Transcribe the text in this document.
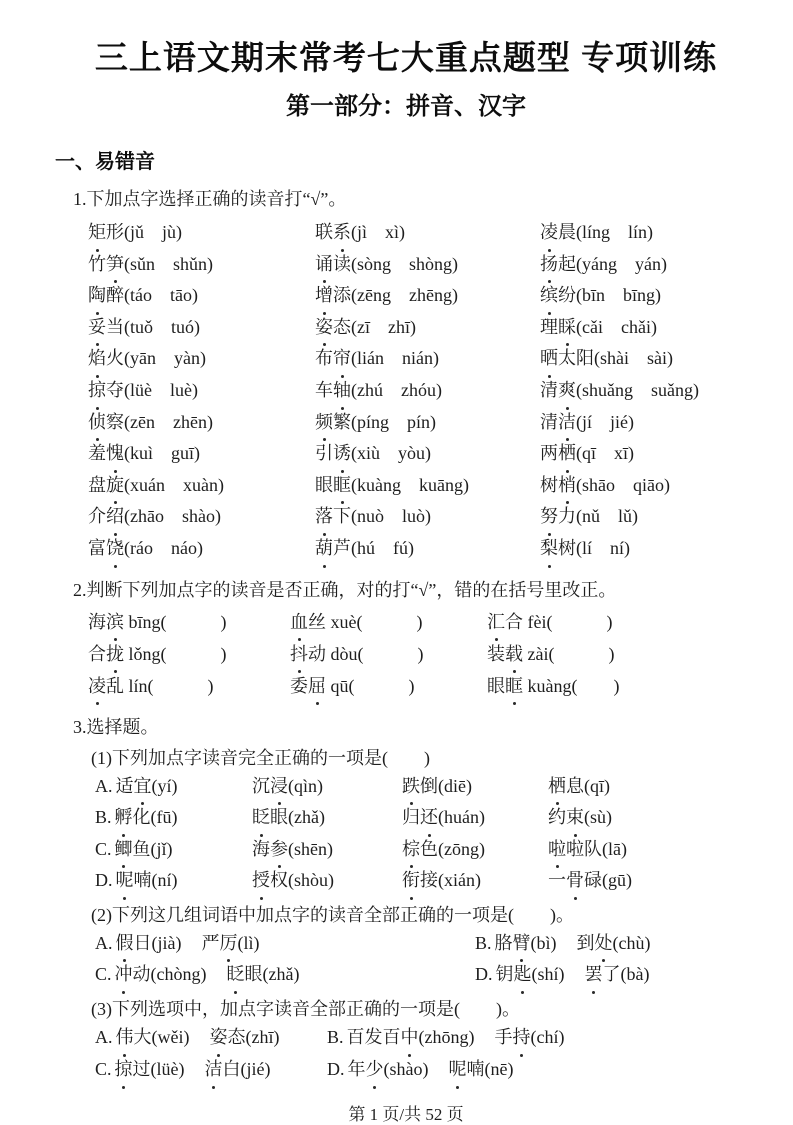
三上语文期末常考七大重点题型 专项训练
第一部分：拼音、汉字
一、易错音
1.下加点字选择正确的读音打“√”。
矩形(jǔ　jù)	联系(jì　xì)	凌晨(líng　lín)
竹笋(sǔn　shǔn)	诵读(sòng　shòng)	扬起(yáng　yán)
陶醉(táo　tāo)	增添(zēng　zhēng)	缤纷(bīn　bīng)
妥当(tuǒ　tuó)	姿态(zī　zhī)	理睬(cǎi　chǎi)
焰火(yān　yàn)	布帘(lián　nián)	晒太阳(shài　sài)
掠夺(lüè　luè)	车轴(zhú　zhóu)	清爽(shuǎng　suǎng)
侦察(zēn　zhēn)	频繁(píng　pín)	清洁(jí　jié)
羞愧(kuì　guī)	引诱(xiù　yòu)	两栖(qī　xī)
盘旋(xuán　xuàn)	眼眶(kuàng　kuāng)	树梢(shāo　qiāo)
介绍(zhāo　shào)	落下(nuò　luò)	努力(nǔ　lǔ)
富饶(ráo　náo)	葫芦(hú　fú)	梨树(lí　ní)
2.判断下列加点字的读音是否正确，对的打“√”，错的在括号里改正。
海滨 bīng(　　　)	血丝 xuè(　　　)	汇合 fèi(　　　)
合拢 lǒng(　　　)	抖动 dòu(　　　)	装载 zài(　　　)
凌乱 lín(　　　)	委屈 qū(　　　)	眼眶 kuàng(　　)
3.选择题。
(1)下列加点字读音完全正确的一项是(　　)
A. 适宜(yí)	沉浸(qìn)	跌倒(diē)	栖息(qī)
B. 孵化(fū)	眨眼(zhǎ)	归还(huán)	约束(sù)
C. 鲫鱼(jǐ)	海参(shēn)	棕色(zōng)	啦啦队(lā)
D. 呢喃(ní)	授权(shòu)	衔接(xián)	一骨碌(gū)
(2)下列这几组词语中加点字的读音全部正确的一项是(　　)。
A. 假日(jià) 严厉(lì)	B. 胳臂(bì) 到处(chù)
C. 冲动(chòng) 眨眼(zhǎ)	D. 钥匙(shí) 罢了(bà)
(3)下列选项中，加点字读音全部正确的一项是(　　)。
A. 伟大(wěi) 姿态(zhī)	B. 百发百中(zhōng) 手持(chí)
C. 掠过(lüè) 洁白(jié)	D. 年少(shào) 呢喃(nē)
第 1 页/共 52 页
